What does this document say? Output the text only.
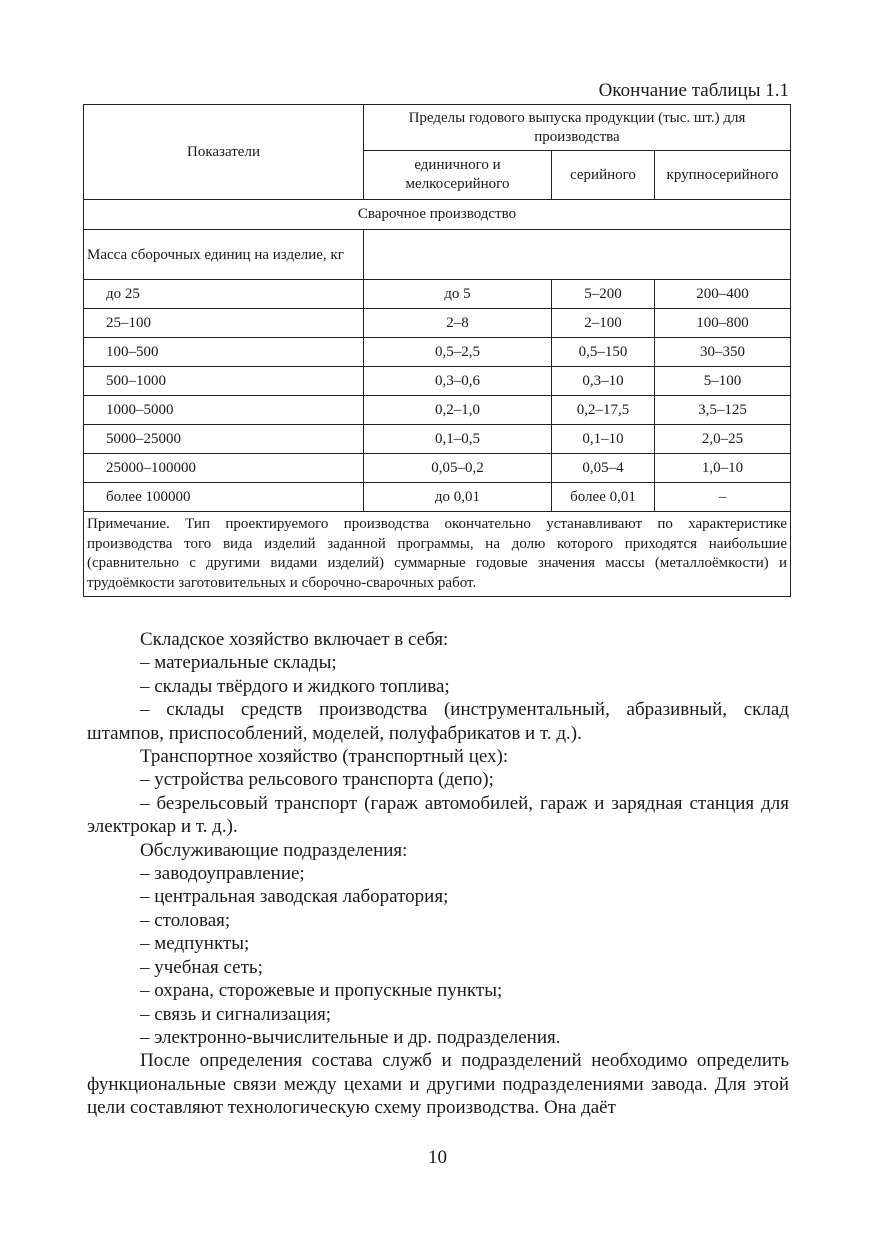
Окончание таблицы 1.1
Показатели	Пределы годового выпуска продукции (тыс. шт.) для производства		
	единичного и мелкосерийного	серийного	крупносерийного
Сварочное производство			
Масса сборочных единиц на изделие, кг			
до 25	до 5	5–200	200–400
25–100	2–8	2–100	100–800
100–500	0,5–2,5	0,5–150	30–350
500–1000	0,3–0,6	0,3–10	5–100
1000–5000	0,2–1,0	0,2–17,5	3,5–125
5000–25000	0,1–0,5	0,1–10	2,0–25
25000–100000	0,05–0,2	0,05–4	1,0–10
более 100000	до 0,01	более 0,01	–
Примечание. Тип проектируемого производства окончательно устанавливают по характеристике производства того вида изделий заданной программы, на долю которого приходятся наибольшие (сравнительно с другими видами изделий) суммарные годовые значения массы (металлоёмкости) и трудоёмкости заготовительных и сборочно-сварочных работ.			

Складское хозяйство включает в себя:

– материальные склады;

– склады твёрдого и жидкого топлива;

– склады средств производства (инструментальный, абразивный, склад штампов, приспособлений, моделей, полуфабрикатов и т. д.).

Транспортное хозяйство (транспортный цех):

– устройства рельсового транспорта (депо);

– безрельсовый транспорт (гараж автомобилей, гараж и зарядная станция для электрокар и т. д.).

Обслуживающие подразделения:

– заводоуправление;

– центральная заводская лаборатория;

– столовая;

– медпункты;

– учебная сеть;

– охрана, сторожевые и пропускные пункты;

– связь и сигнализация;

– электронно-вычислительные и др. подразделения.

После определения состава служб и подразделений необходимо определить функциональные связи между цехами и другими подразделениями завода. Для этой цели составляют технологическую схему производства. Она даёт

10
